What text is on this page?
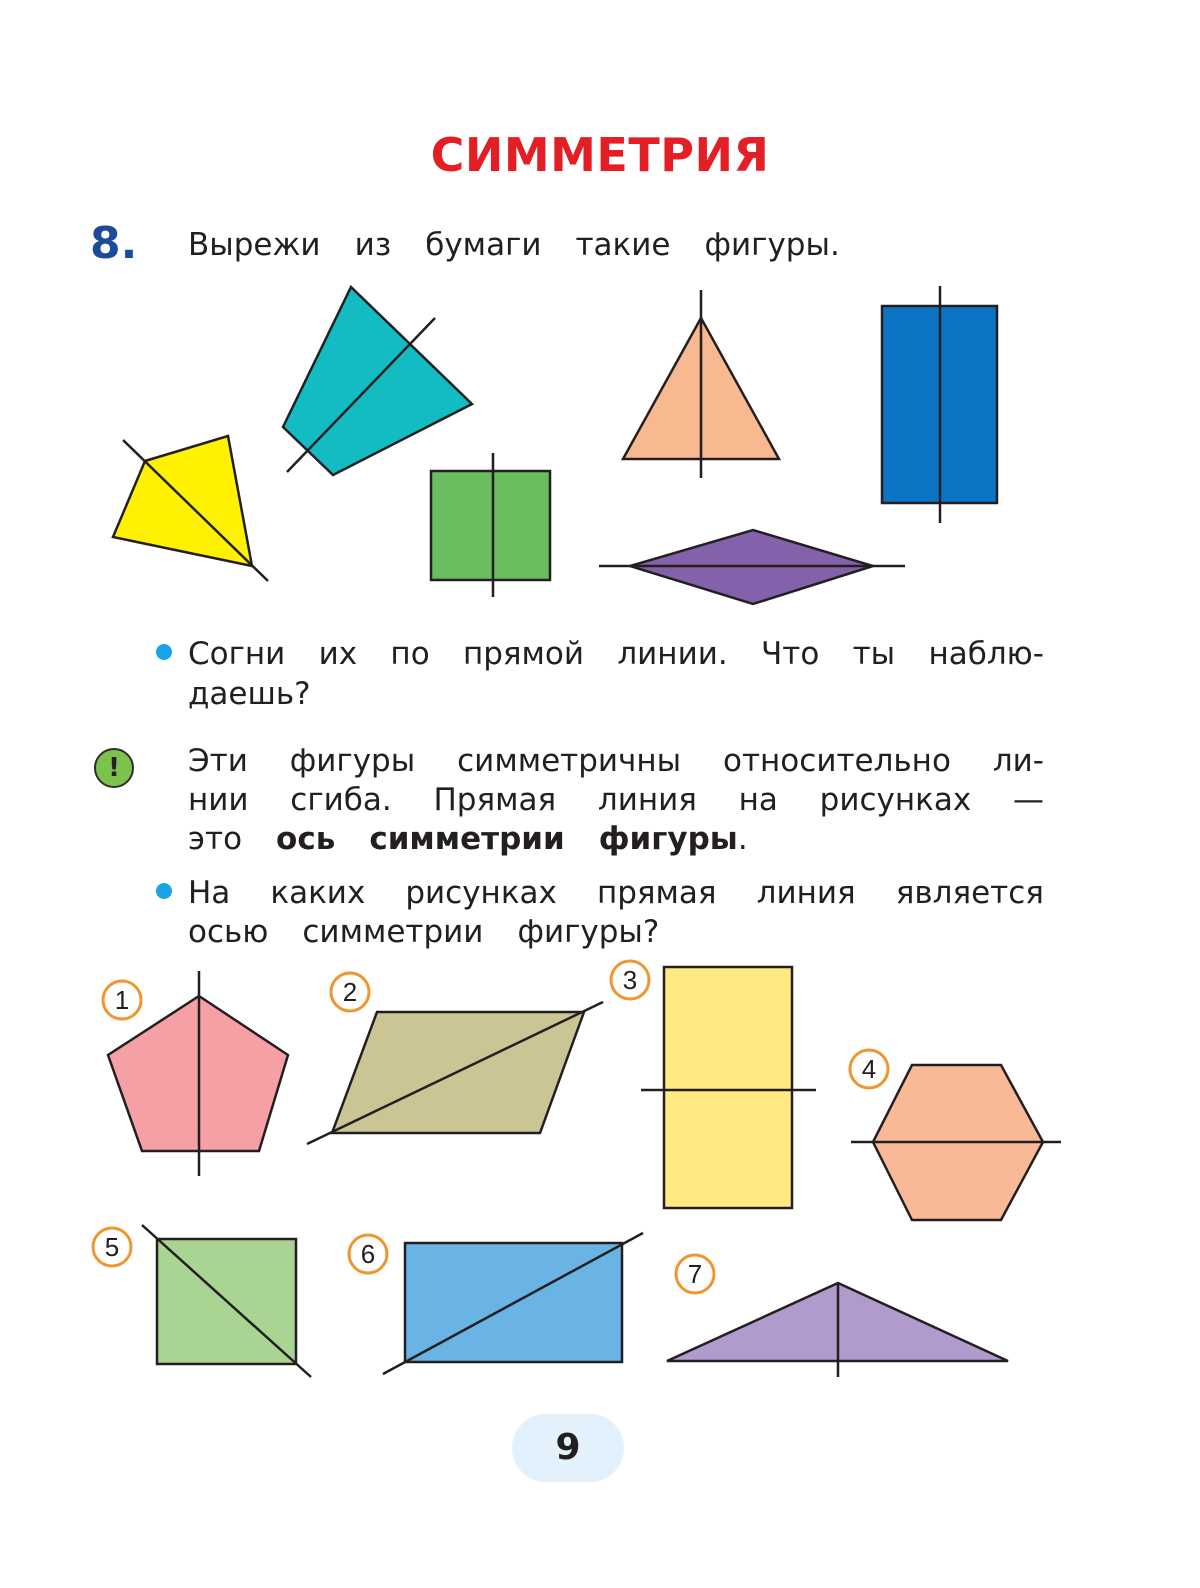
СИММЕТРИЯ
8. Вырежи из бумаги такие фигуры.
1	2	3
4
5	6
7
Согни их по прямой линии. Что ты наблю-
даешь?
!	Эти фигуры симметричны относительно ли-
нии сгиба. Прямая линия на рисунках —
это ось симметрии фигуры .
На каких рисунках прямая линия является
осью симметрии фигуры?
9
